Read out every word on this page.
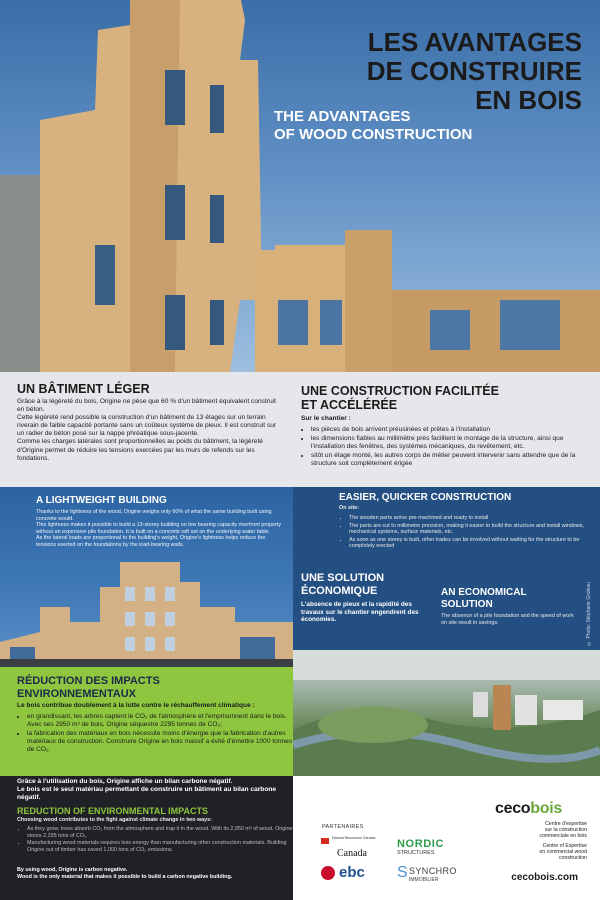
LES AVANTAGES
DE CONSTRUIRE
EN BOIS
THE ADVANTAGES
OF WOOD CONSTRUCTION
UN BÂTIMENT LÉGER

Grâce à la légèreté du bois, Origine ne pèse que 60 % d'un bâtiment équivalent construit en béton.

Cette légèreté rend possible la construction d'un bâtiment de 13 étages sur un terrain riverain de faible capacité portante sans un coûteux système de pieux. Il est construit sur un radier de béton posé sur la nappe phréatique sous-jacente.

Comme les charges latérales sont proportionnelles au poids du bâtiment, la légèreté d'Origine permet de réduire les tensions exercées par les murs de refends sur les fondations.

UNE CONSTRUCTION FACILITÉE
ET ACCÉLÉRÉE
Sur le chantier :
• les pièces de bois arrivent préusinées et prêtes à l'installation
• les dimensions fiables au millimètre près facilitent le montage de la structure, ainsi que l'installation des fenêtres, des systèmes mécaniques, du revêtement, etc.
• sitôt un étage monté, les autres corps de métier peuvent intervenir sans attendre que de la structure soit complètement érigée
A LIGHTWEIGHT BUILDING

Thanks to the lightness of the wood, Origine weighs only 60% of what the same building built using concrete would.

This lightness makes it possible to build a 13-storey building on low bearing capacity riverfront property without an expensive pile foundation. It is built on a concrete raft set on the underlying water table.

As the lateral loads are proportional to the building's weight, Origine's lightness helps reduce the tensions exerted on the foundations by the load-bearing walls.

EASIER, QUICKER CONSTRUCTION
On site:
• The wooden parts arrive pre-machined and ready to install
• The parts are cut to millimetre precision, making it easier to build the structure and install windows, mechanical systems, surface materials, etc.
• As soon as one storey is built, other trades can be involved without waiting for the structure to be completely erected
UNE SOLUTION
ÉCONOMIQUE
L'absence de pieux et la rapidité des travaux sur le chantier engendrent des économies.
AN ECONOMICAL
SOLUTION
The absence of a pile foundation and the speed of work on site result in savings.	© Photo: Stéphane Groleau
RÉDUCTION DES IMPACTS
ENVIRONNEMENTAUX
Le bois contribue doublement à la lutte contre le réchauffement climatique :
• en grandissant, les arbres captent le CO₂ de l'atmosphère et l'emprisonnent dans le bois. Avec ses 2950 m³ de bois, Origine séquestre 2295 tonnes de CO₂;
• la fabrication des matériaux en bois nécessite moins d'énergie que la fabrication d'autres matériaux de construction. Construire Origine en bois massif a évité d'émettre 1000 tonnes de CO₂.
Grâce à l'utilisation du bois, Origine affiche un bilan carbone négatif.
Le bois est le seul matériau permettant de construire un bâtiment au bilan carbone négatif.
REDUCTION OF ENVIRONMENTAL IMPACTS
Choosing wood contributes to the fight against climate change in two ways:
• As they grow, trees absorb CO₂ from the atmosphere and trap it in the wood. With its 2,950 m³ of wood, Origine stores 2,295 tons of CO₂.
• Manufacturing wood materials requires less energy than manufacturing other construction materials. Building Origine out of timber has saved 1,000 tons of CO₂ emissions.
By using wood, Origine is carbon negative.
Wood is the only material that makes it possible to build a carbon negative building.
PARTENAIRES
Natural Resources Canada
Canada
NORDIC
STRUCTURES
ebc S SYNCHRO
IMMOBILIER
cecobois
Centre d'expertise
sur la construction
commerciale en bois
Centre of Expertise
on commercial wood
construction
cecobois.com
